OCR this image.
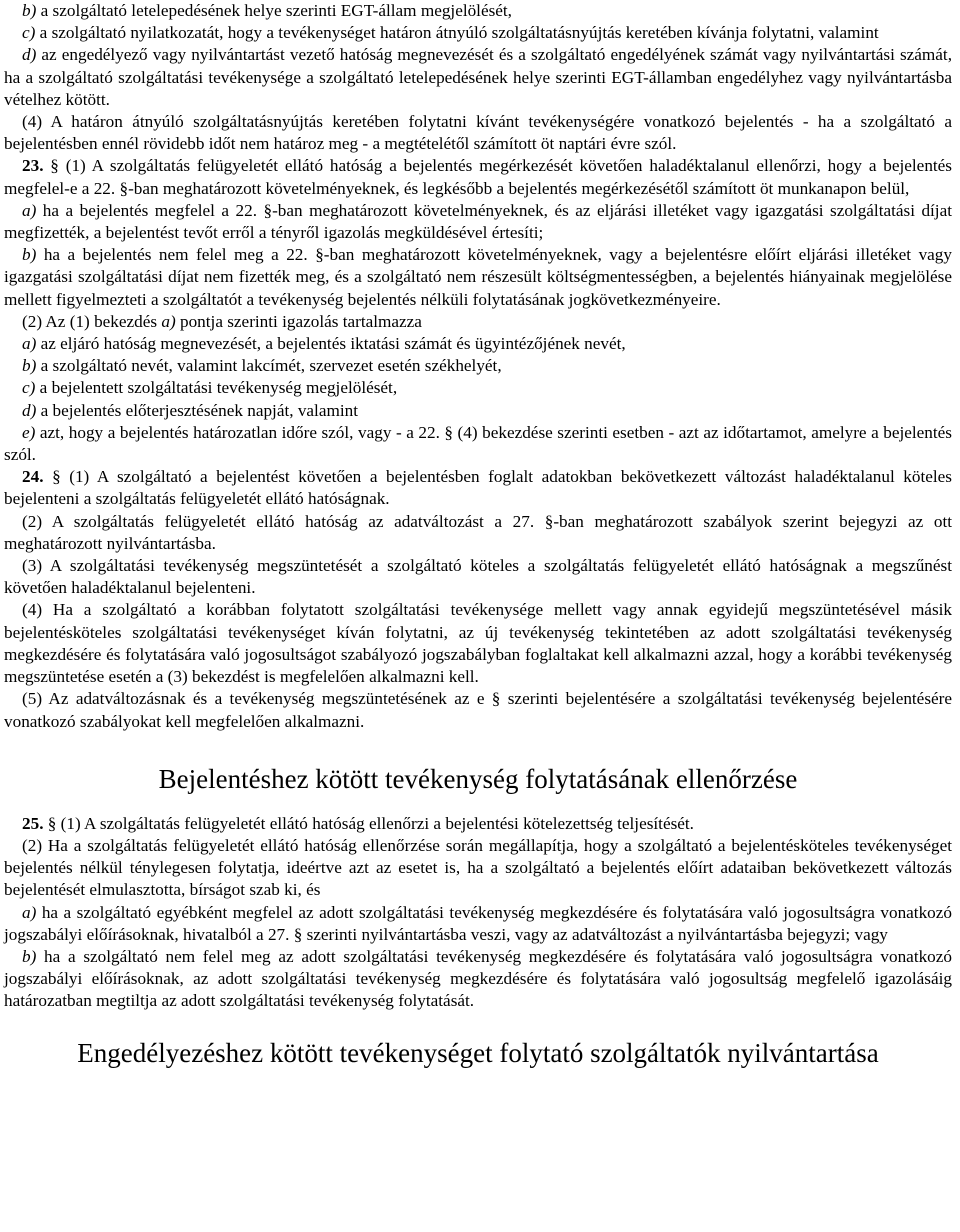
b) a szolgáltató letelepedésének helye szerinti EGT-állam megjelölését,

c) a szolgáltató nyilatkozatát, hogy a tevékenységet határon átnyúló szolgáltatásnyújtás keretében kívánja folytatni, valamint

d) az engedélyező vagy nyilvántartást vezető hatóság megnevezését és a szolgáltató engedélyének számát vagy nyilvántartási számát, ha a szolgáltató szolgáltatási tevékenysége a szolgáltató letelepedésének helye szerinti EGT-államban engedélyhez vagy nyilvántartásba vételhez kötött.

(4) A határon átnyúló szolgáltatásnyújtás keretében folytatni kívánt tevékenységére vonatkozó bejelentés - ha a szolgáltató a bejelentésben ennél rövidebb időt nem határoz meg - a megtételétől számított öt naptári évre szól.

23. § (1) A szolgáltatás felügyeletét ellátó hatóság a bejelentés megérkezését követően haladéktalanul ellenőrzi, hogy a bejelentés megfelel-e a 22. §-ban meghatározott követelményeknek, és legkésőbb a bejelentés megérkezésétől számított öt munkanapon belül,

a) ha a bejelentés megfelel a 22. §-ban meghatározott követelményeknek, és az eljárási illetéket vagy igazgatási szolgáltatási díjat megfizették, a bejelentést tevőt erről a tényről igazolás megküldésével értesíti;

b) ha a bejelentés nem felel meg a 22. §-ban meghatározott követelményeknek, vagy a bejelentésre előírt eljárási illetéket vagy igazgatási szolgáltatási díjat nem fizették meg, és a szolgáltató nem részesült költségmentességben, a bejelentés hiányainak megjelölése mellett figyelmezteti a szolgáltatót a tevékenység bejelentés nélküli folytatásának jogkövetkezményeire.

(2) Az (1) bekezdés a) pontja szerinti igazolás tartalmazza

a) az eljáró hatóság megnevezését, a bejelentés iktatási számát és ügyintézőjének nevét,

b) a szolgáltató nevét, valamint lakcímét, szervezet esetén székhelyét,

c) a bejelentett szolgáltatási tevékenység megjelölését,

d) a bejelentés előterjesztésének napját, valamint

e) azt, hogy a bejelentés határozatlan időre szól, vagy - a 22. § (4) bekezdése szerinti esetben - azt az időtartamot, amelyre a bejelentés szól.

24. § (1) A szolgáltató a bejelentést követően a bejelentésben foglalt adatokban bekövetkezett változást haladéktalanul köteles bejelenteni a szolgáltatás felügyeletét ellátó hatóságnak.

(2) A szolgáltatás felügyeletét ellátó hatóság az adatváltozást a 27. §-ban meghatározott szabályok szerint bejegyzi az ott meghatározott nyilvántartásba.

(3) A szolgáltatási tevékenység megszüntetését a szolgáltató köteles a szolgáltatás felügyeletét ellátó hatóságnak a megszűnést követően haladéktalanul bejelenteni.

(4) Ha a szolgáltató a korábban folytatott szolgáltatási tevékenysége mellett vagy annak egyidejű megszüntetésével másik bejelentésköteles szolgáltatási tevékenységet kíván folytatni, az új tevékenység tekintetében az adott szolgáltatási tevékenység megkezdésére és folytatására való jogosultságot szabályozó jogszabályban foglaltakat kell alkalmazni azzal, hogy a korábbi tevékenység megszüntetése esetén a (3) bekezdést is megfelelően alkalmazni kell.

(5) Az adatváltozásnak és a tevékenység megszüntetésének az e § szerinti bejelentésére a szolgáltatási tevékenység bejelentésére vonatkozó szabályokat kell megfelelően alkalmazni.

Bejelentéshez kötött tevékenység folytatásának ellenőrzése

25. § (1) A szolgáltatás felügyeletét ellátó hatóság ellenőrzi a bejelentési kötelezettség teljesítését.

(2) Ha a szolgáltatás felügyeletét ellátó hatóság ellenőrzése során megállapítja, hogy a szolgáltató a bejelentésköteles tevékenységet bejelentés nélkül ténylegesen folytatja, ideértve azt az esetet is, ha a szolgáltató a bejelentés előírt adataiban bekövetkezett változás bejelentését elmulasztotta, bírságot szab ki, és

a) ha a szolgáltató egyébként megfelel az adott szolgáltatási tevékenység megkezdésére és folytatására való jogosultságra vonatkozó jogszabályi előírásoknak, hivatalból a 27. § szerinti nyilvántartásba veszi, vagy az adatváltozást a nyilvántartásba bejegyzi; vagy

b) ha a szolgáltató nem felel meg az adott szolgáltatási tevékenység megkezdésére és folytatására való jogosultságra vonatkozó jogszabályi előírásoknak, az adott szolgáltatási tevékenység megkezdésére és folytatására való jogosultság megfelelő igazolásáig határozatban megtiltja az adott szolgáltatási tevékenység folytatását.

Engedélyezéshez kötött tevékenységet folytató szolgáltatók nyilvántartása
